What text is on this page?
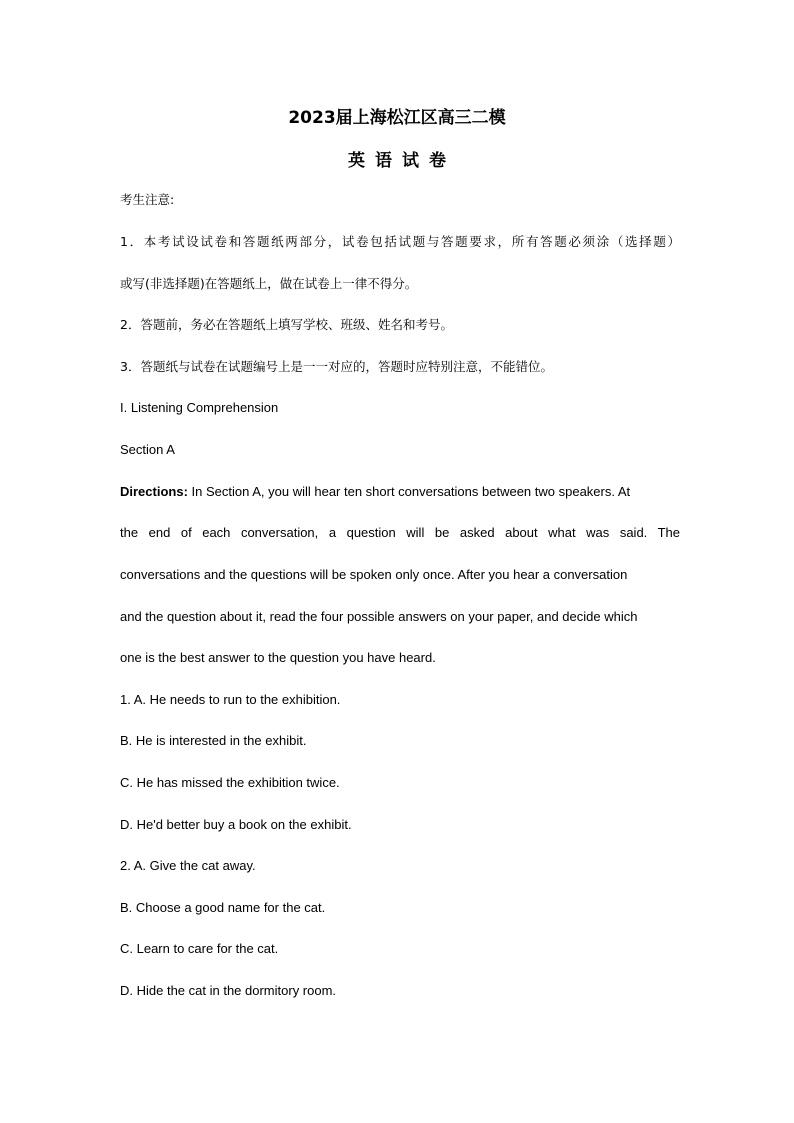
2023届上海松江区高三二模
英语试卷
考生注意:
1．本考试设试卷和答题纸两部分，试卷包括试题与答题要求，所有答题必须涂（选择题）
或写(非选择题)在答题纸上，做在试卷上一律不得分。
2．答题前，务必在答题纸上填写学校、班级、姓名和考号。
3．答题纸与试卷在试题编号上是一一对应的，答题时应特别注意，不能错位。
I. Listening Comprehension
Section A
Directions: In Section A, you will hear ten short conversations between two speakers. At
the end of each conversation, a question will be asked about what was said. The
conversations and the questions will be spoken only once. After you hear a conversation
and the question about it, read the four possible answers on your paper, and decide which
one is the best answer to the question you have heard.
1. A. He needs to run to the exhibition.
B. He is interested in the exhibit.
C. He has missed the exhibition twice.
D. He'd better buy a book on the exhibit.
2. A. Give the cat away.
B. Choose a good name for the cat.
C. Learn to care for the cat.
D. Hide the cat in the dormitory room.
